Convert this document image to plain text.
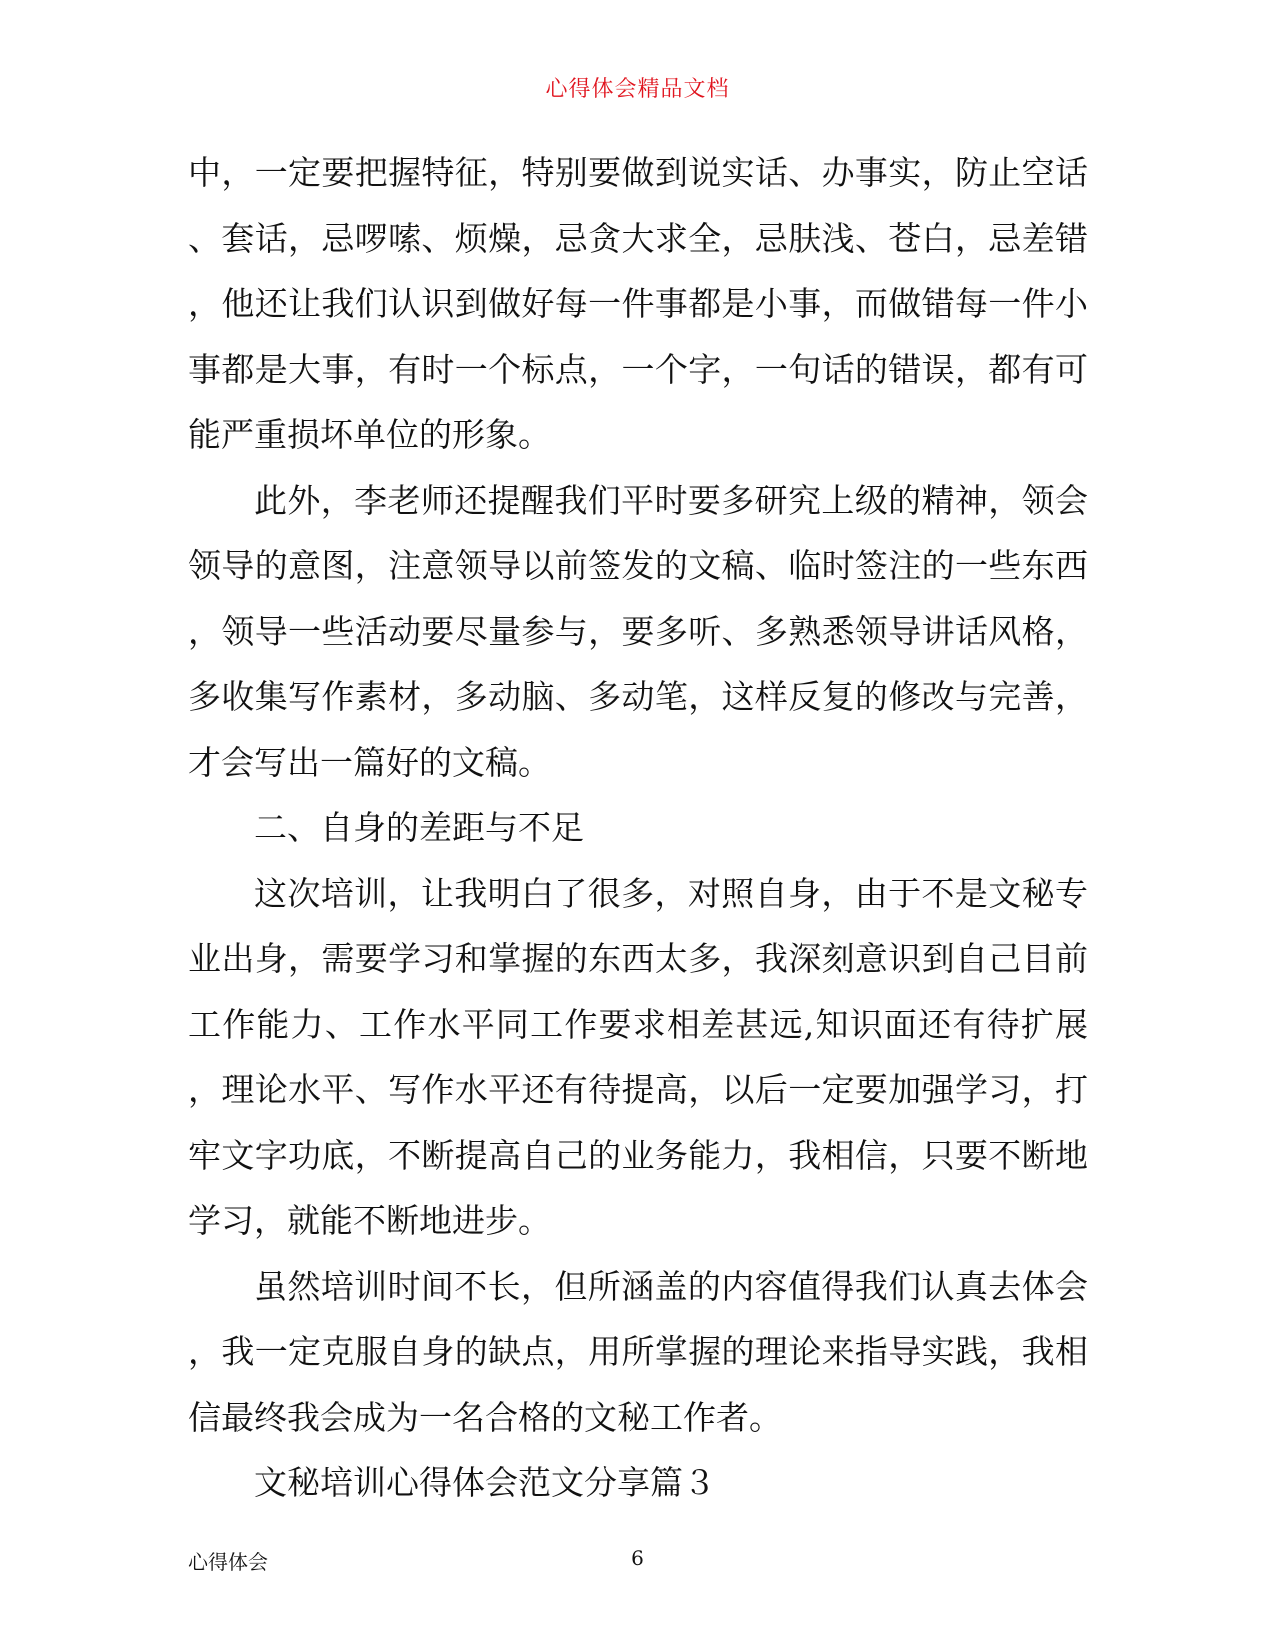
心得体会精品文档
中，一定要把握特征，特别要做到说实话、办事实，防止空话
、套话，忌啰嗦、烦燥，忌贪大求全，忌肤浅、苍白，忌差错
，他还让我们认识到做好每一件事都是小事，而做错每一件小
事都是大事，有时一个标点，一个字，一句话的错误，都有可
能严重损坏单位的形象。
此外，李老师还提醒我们平时要多研究上级的精神，领会
领导的意图，注意领导以前签发的文稿、临时签注的一些东西
，领导一些活动要尽量参与，要多听、多熟悉领导讲话风格，
多收集写作素材，多动脑、多动笔，这样反复的修改与完善，
才会写出一篇好的文稿。
二、自身的差距与不足
这次培训，让我明白了很多，对照自身，由于不是文秘专
业出身，需要学习和掌握的东西太多，我深刻意识到自己目前
工作能力、工作水平同工作要求相差甚远,知识面还有待扩展
，理论水平、写作水平还有待提高，以后一定要加强学习，打
牢文字功底，不断提高自己的业务能力，我相信，只要不断地
学习，就能不断地进步。
虽然培训时间不长，但所涵盖的内容值得我们认真去体会
，我一定克服自身的缺点，用所掌握的理论来指导实践，我相
信最终我会成为一名合格的文秘工作者。
文秘培训心得体会范文分享篇３
心得体会	6
